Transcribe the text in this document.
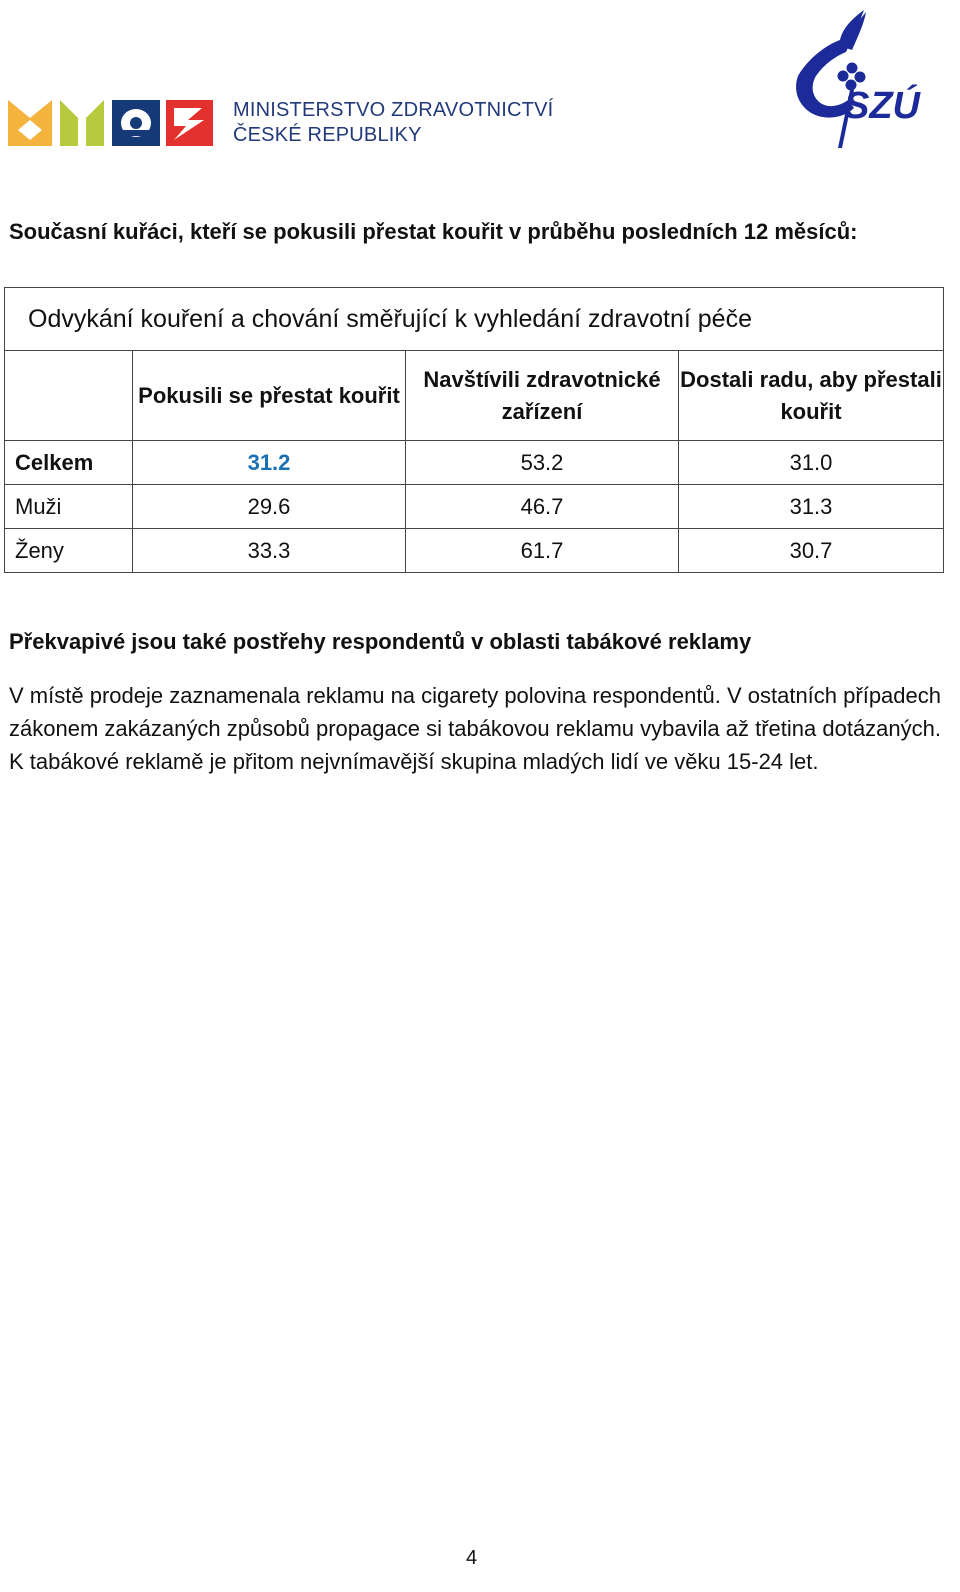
MINISTERSTVO ZDRAVOTNICTVÍ
ČESKÉ REPUBLIKY
SZÚ
Současní kuřáci, kteří se pokusili přestat kouřit v průběhu posledních 12 měsíců:
Odvykání kouření a chování směřující k vyhledání zdravotní péče			
	Pokusili se přestat kouřit	Navštívili zdravotnické zařízení	Dostali radu, aby přestali kouřit
Celkem	31.2	53.2	31.0
Muži	29.6	46.7	31.3
Ženy	33.3	61.7	30.7
Překvapivé jsou také postřehy respondentů v oblasti tabákové reklamy
V místě prodeje zaznamenala reklamu na cigarety polovina respondentů. V ostatních případech zákonem zakázaných způsobů propagace si tabákovou reklamu vybavila až třetina dotázaných. K tabákové reklamě je přitom nejvnímavější skupina mladých lidí ve věku 15-24 let.
4
